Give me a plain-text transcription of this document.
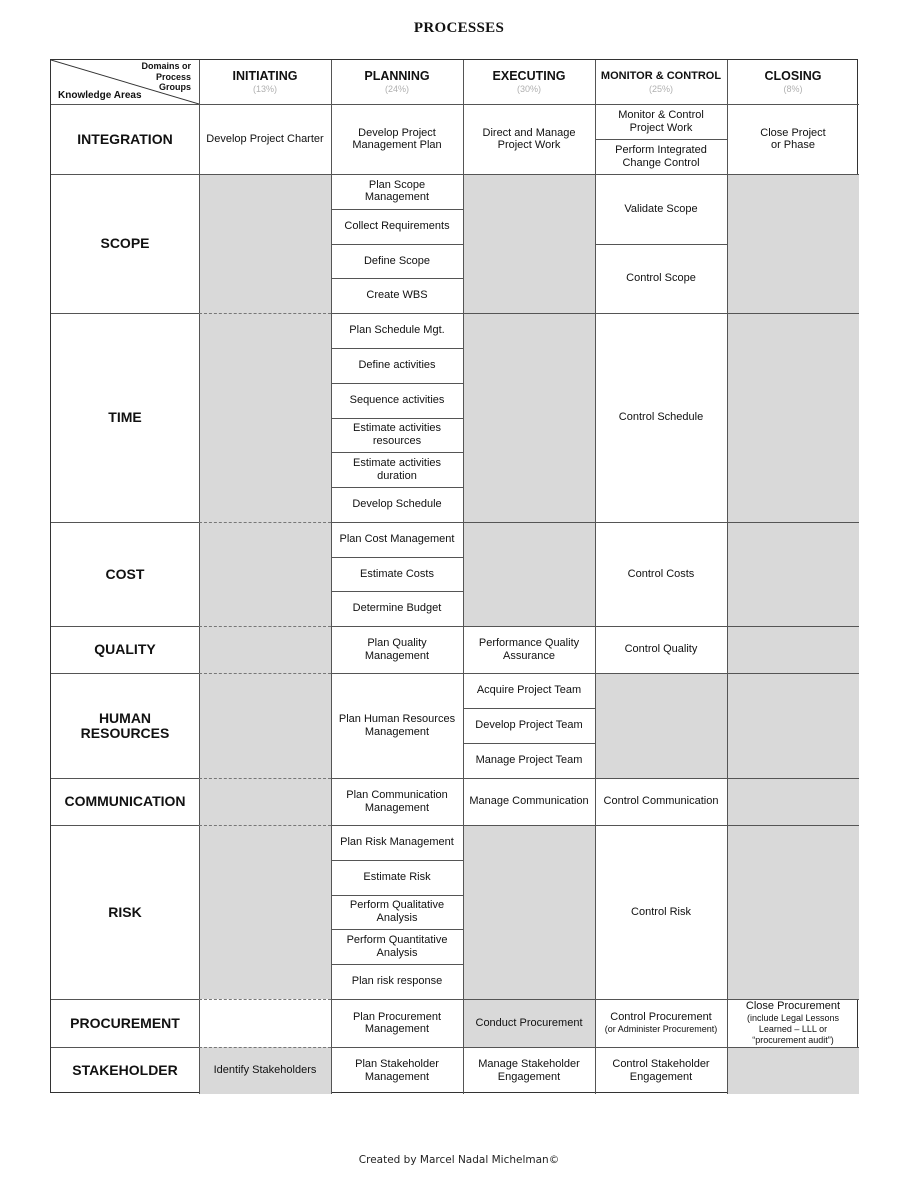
PROCESSES

Domains or
Process
Groups

Knowledge Areas

INITIATING
(13%)
PLANNING
(24%)
EXECUTING
(30%)
MONITOR & CONTROL
(25%)
CLOSING
(8%)
INTEGRATION
SCOPE
TIME
COST
QUALITY
HUMAN
RESOURCES
COMMUNICATION
RISK
PROCUREMENT
STAKEHOLDER
Develop Project Charter
Develop Project
Management Plan
Direct and Manage
Project Work
Monitor & Control
Project Work
Perform Integrated
Change Control
Close Project
or Phase
Plan Scope
Management
Collect Requirements
Define Scope
Create WBS
Validate Scope
Control Scope
Plan Schedule Mgt.
Define activities
Sequence activities
Estimate activities
resources
Estimate activities
duration
Develop Schedule
Control Schedule
Plan Cost Management
Estimate Costs
Determine Budget
Control Costs
Plan Quality
Management
Performance Quality
Assurance
Control Quality
Plan Human Resources
Management
Acquire Project Team
Develop Project Team
Manage Project Team
Plan Communication
Management
Manage Communication	Control Communication
Plan Risk Management
Estimate Risk
Perform Qualitative
Analysis
Perform Quantitative
Analysis
Plan risk response
Control Risk
Plan Procurement
Management
Conduct Procurement
Control Procurement
(or Administer Procurement)
Close Procurement
(include Legal Lessons
Learned – LLL or
“procurement audit”)
Identify Stakeholders
Plan Stakeholder
Management
Manage Stakeholder
Engagement
Control Stakeholder
Engagement
Created by Marcel Nadal Michelman©
